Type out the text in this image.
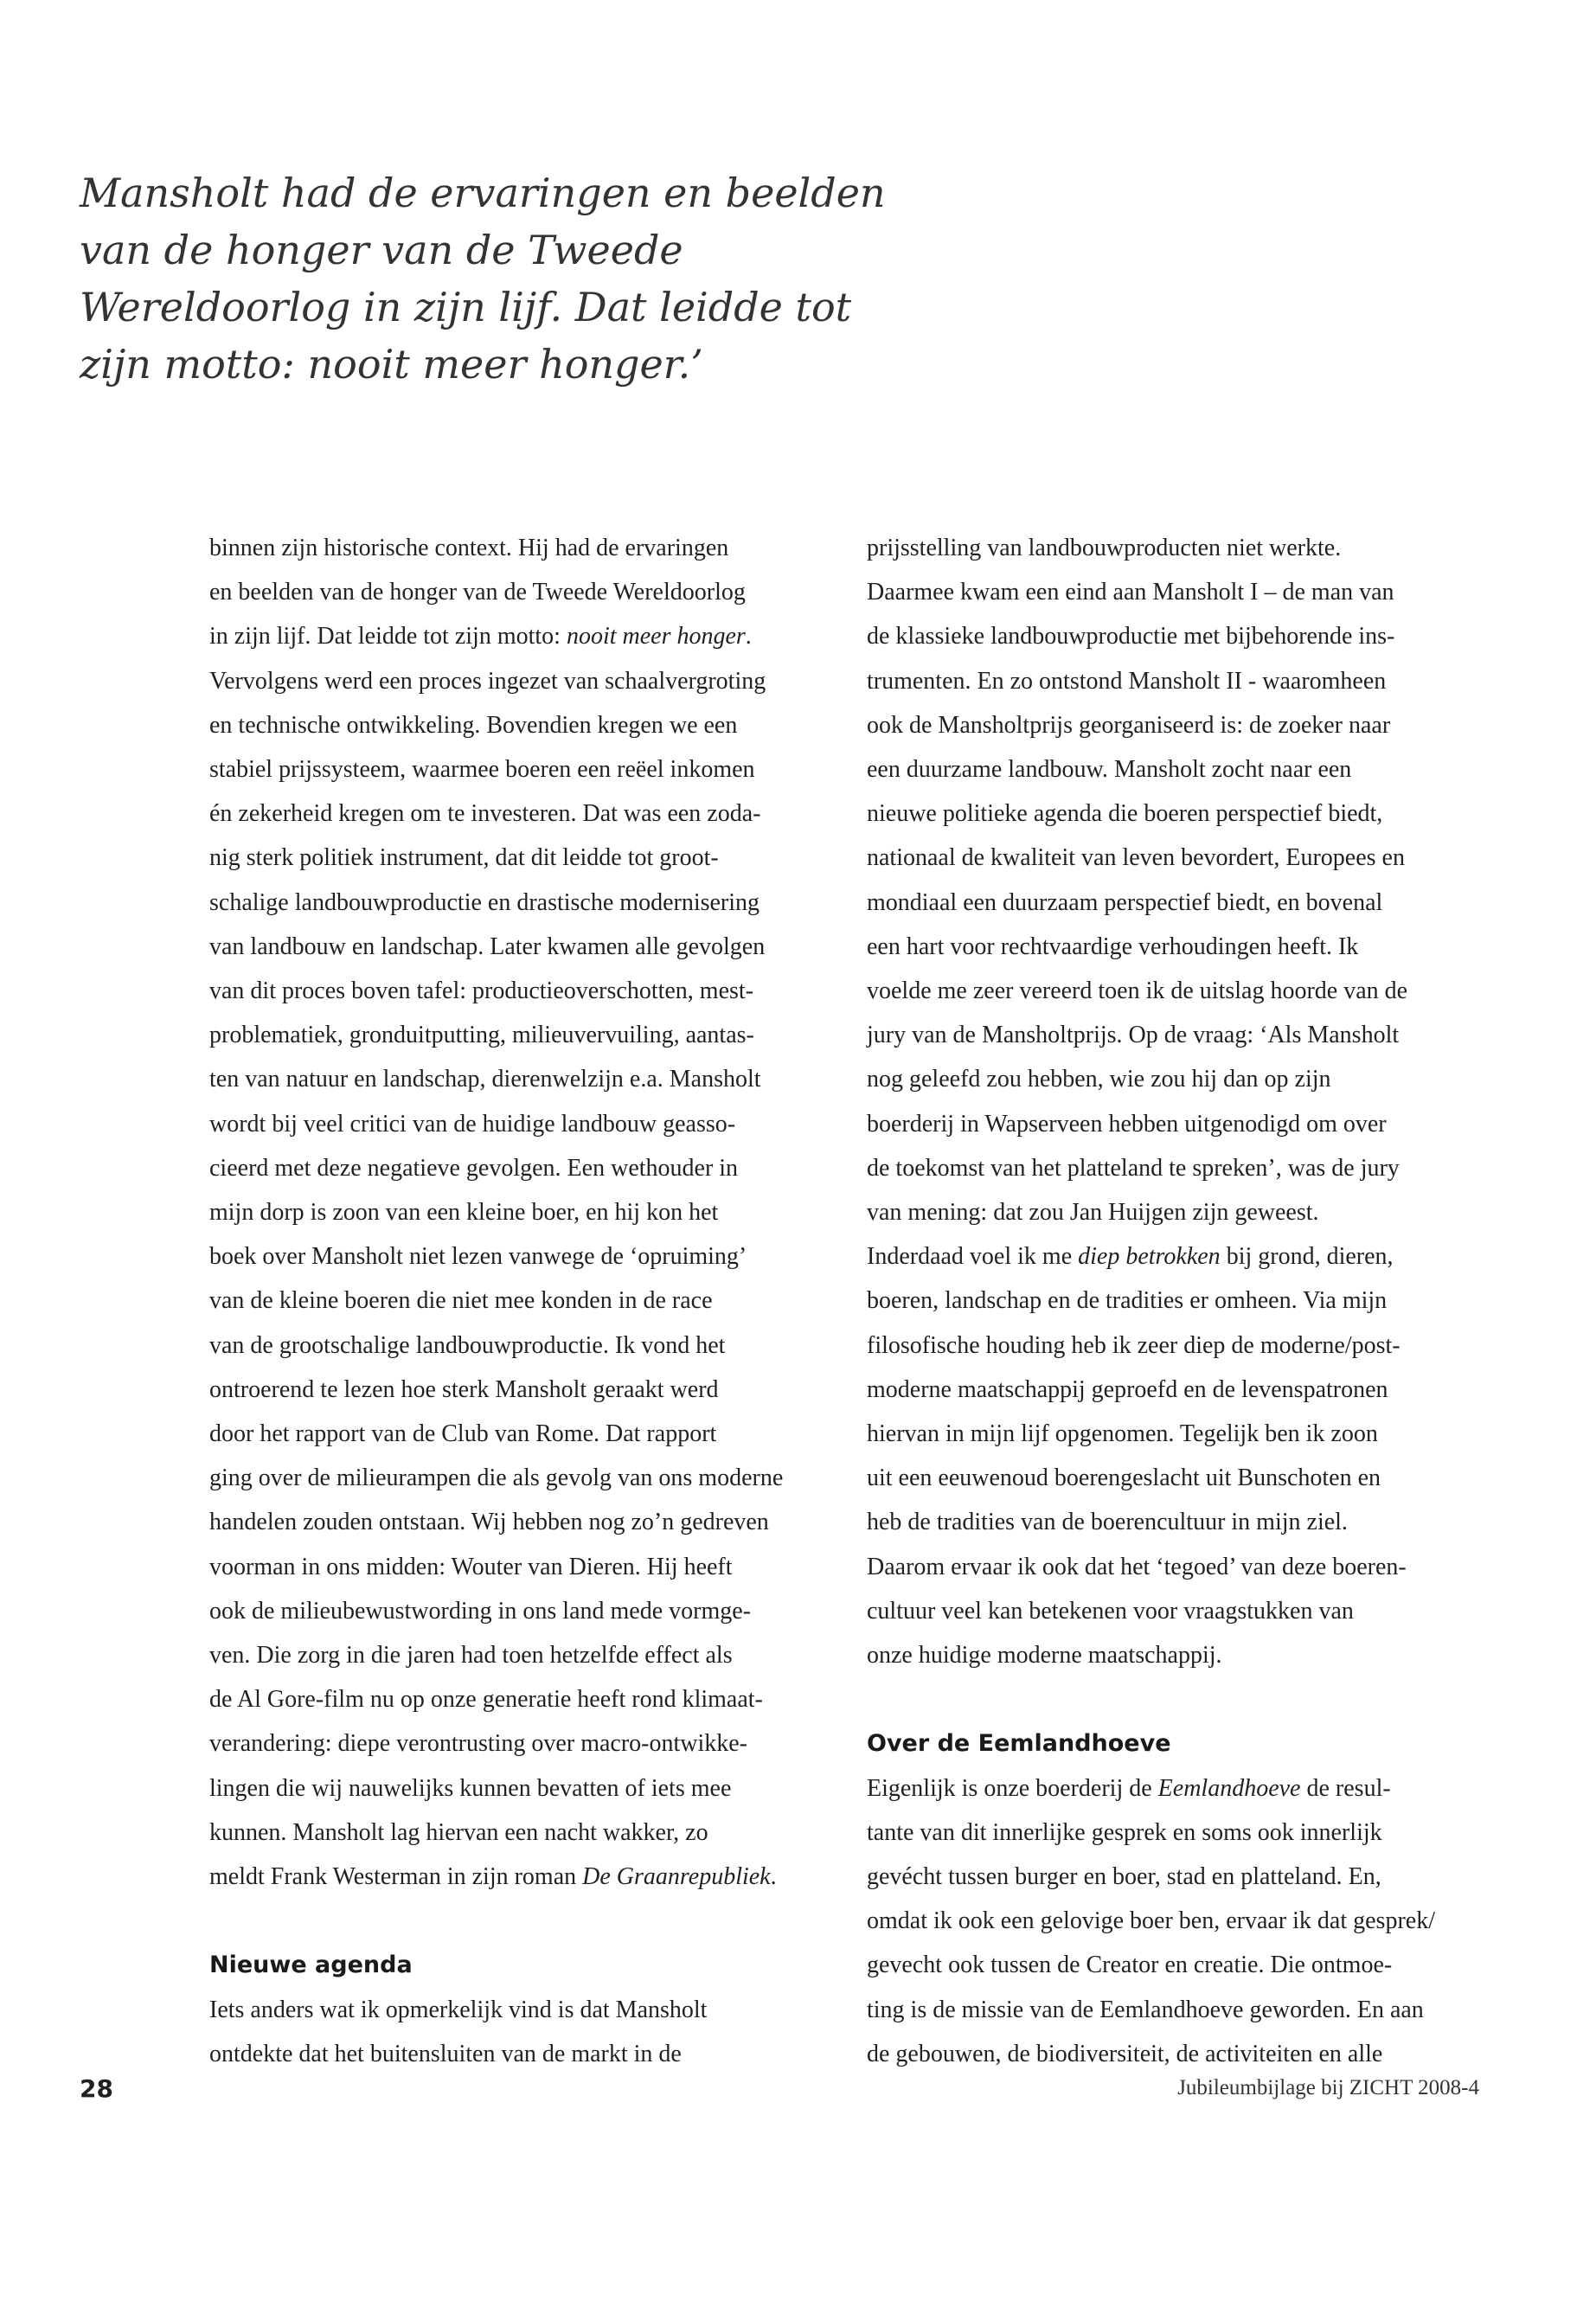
Mansholt had de ervaringen en beelden
van de honger van de Tweede
Wereldoorlog in zijn lijf. Dat leidde tot
zijn motto: nooit meer honger.’

binnen zijn historische context. Hij had de ervaringen
en beelden van de honger van de Tweede Wereldoorlog
in zijn lijf. Dat leidde tot zijn motto: nooit meer honger.
Vervolgens werd een proces ingezet van schaalvergroting
en technische ontwikkeling. Bovendien kregen we een
stabiel prijssysteem, waarmee boeren een reëel inkomen
én zekerheid kregen om te investeren. Dat was een zoda-
nig sterk politiek instrument, dat dit leidde tot groot-
schalige landbouwproductie en drastische modernisering
van landbouw en landschap. Later kwamen alle gevolgen
van dit proces boven tafel: productieoverschotten, mest-
problematiek, gronduitputting, milieuvervuiling, aantas-
ten van natuur en landschap, dierenwelzijn e.a. Mansholt
wordt bij veel critici van de huidige landbouw geasso-
cieerd met deze negatieve gevolgen. Een wethouder in
mijn dorp is zoon van een kleine boer, en hij kon het
boek over Mansholt niet lezen vanwege de ‘opruiming’
van de kleine boeren die niet mee konden in de race
van de grootschalige landbouwproductie. Ik vond het
ontroerend te lezen hoe sterk Mansholt geraakt werd
door het rapport van de Club van Rome. Dat rapport
ging over de milieurampen die als gevolg van ons moderne
handelen zouden ontstaan. Wij hebben nog zo’n gedreven
voorman in ons midden: Wouter van Dieren. Hij heeft
ook de milieubewustwording in ons land mede vormge-
ven. Die zorg in die jaren had toen hetzelfde effect als
de Al Gore-film nu op onze generatie heeft rond klimaat-
verandering: diepe verontrusting over macro-ontwikke-
lingen die wij nauwelijks kunnen bevatten of iets mee
kunnen. Mansholt lag hiervan een nacht wakker, zo
meldt Frank Westerman in zijn roman De Graanrepubliek.

Nieuwe agenda

Iets anders wat ik opmerkelijk vind is dat Mansholt
ontdekte dat het buitensluiten van de markt in de

prijsstelling van landbouwproducten niet werkte.
Daarmee kwam een eind aan Mansholt I – de man van
de klassieke landbouwproductie met bijbehorende ins-
trumenten. En zo ontstond Mansholt II - waaromheen
ook de Mansholtprijs georganiseerd is: de zoeker naar
een duurzame landbouw. Mansholt zocht naar een
nieuwe politieke agenda die boeren perspectief biedt,
nationaal de kwaliteit van leven bevordert, Europees en
mondiaal een duurzaam perspectief biedt, en bovenal
een hart voor rechtvaardige verhoudingen heeft. Ik
voelde me zeer vereerd toen ik de uitslag hoorde van de
jury van de Mansholtprijs. Op de vraag: ‘Als Mansholt
nog geleefd zou hebben, wie zou hij dan op zijn
boerderij in Wapserveen hebben uitgenodigd om over
de toekomst van het platteland te spreken’, was de jury
van mening: dat zou Jan Huijgen zijn geweest.
Inderdaad voel ik me diep betrokken bij grond, dieren,
boeren, landschap en de tradities er omheen. Via mijn
filosofische houding heb ik zeer diep de moderne/post-
moderne maatschappij geproefd en de levenspatronen
hiervan in mijn lijf opgenomen. Tegelijk ben ik zoon
uit een eeuwenoud boerengeslacht uit Bunschoten en
heb de tradities van de boerencultuur in mijn ziel.
Daarom ervaar ik ook dat het ‘tegoed’ van deze boeren-
cultuur veel kan betekenen voor vraagstukken van
onze huidige moderne maatschappij.

Over de Eemlandhoeve

Eigenlijk is onze boerderij de Eemlandhoeve de resul-
tante van dit innerlijke gesprek en soms ook innerlijk
gevécht tussen burger en boer, stad en platteland. En,
omdat ik ook een gelovige boer ben, ervaar ik dat gesprek/
gevecht ook tussen de Creator en creatie. Die ontmoe-
ting is de missie van de Eemlandhoeve geworden. En aan
de gebouwen, de biodiversiteit, de activiteiten en alle

28	Jubileumbijlage bij ZICHT 2008-4
